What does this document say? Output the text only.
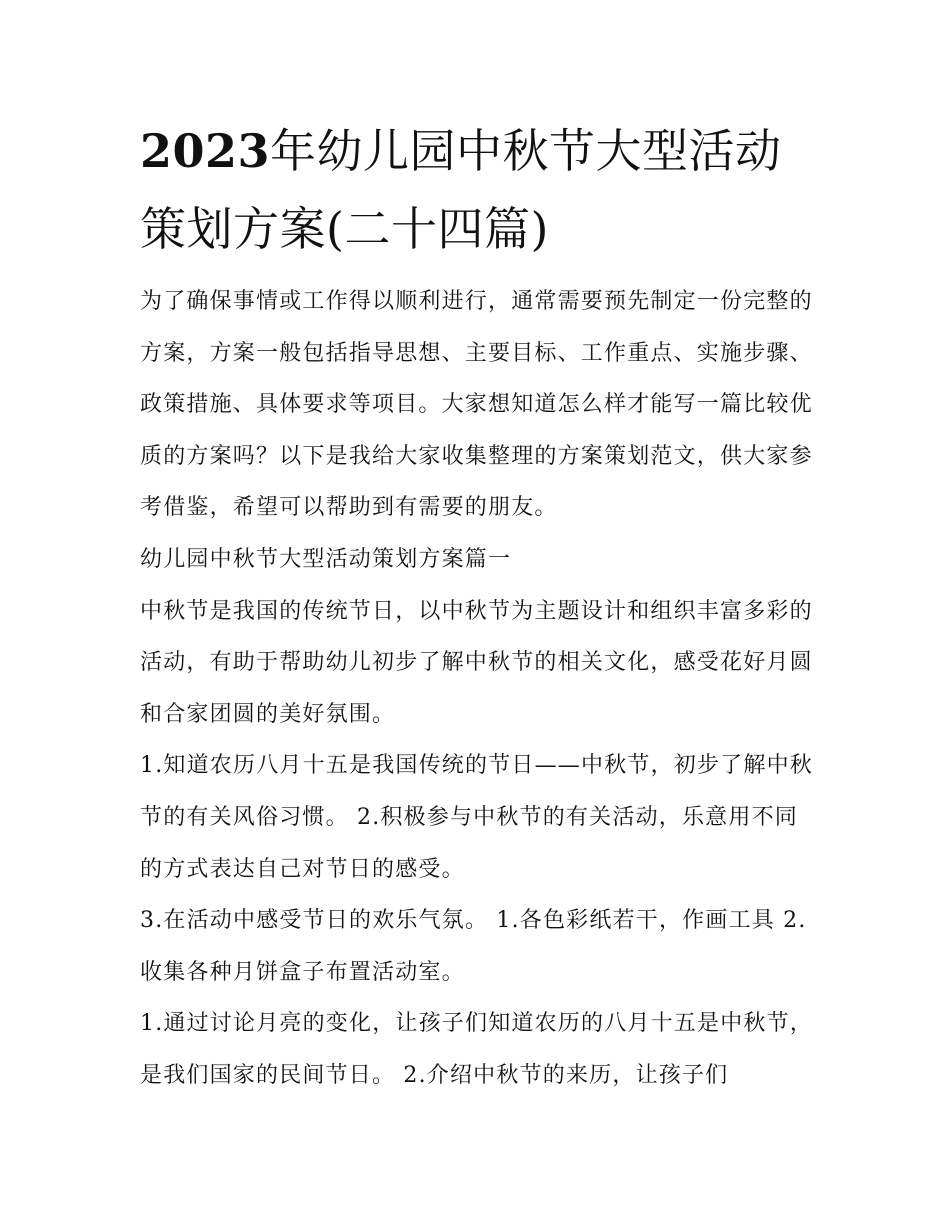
2023年幼儿园中秋节大型活动策划方案(二十四篇)

为了确保事情或工作得以顺利进行，通常需要预先制定一份完整的方案，方案一般包括指导思想、主要目标、工作重点、实施步骤、政策措施、具体要求等项目。大家想知道怎么样才能写一篇比较优质的方案吗？以下是我给大家收集整理的方案策划范文，供大家参考借鉴，希望可以帮助到有需要的朋友。

幼儿园中秋节大型活动策划方案篇一

中秋节是我国的传统节日，以中秋节为主题设计和组织丰富多彩的活动，有助于帮助幼儿初步了解中秋节的相关文化，感受花好月圆和合家团圆的美好氛围。

1.知道农历八月十五是我国传统的节日——中秋节，初步了解中秋节的有关风俗习惯。 2.积极参与中秋节的有关活动，乐意用不同的方式表达自己对节日的感受。

3.在活动中感受节日的欢乐气氛。 1.各色彩纸若干，作画工具 2.收集各种月饼盒子布置活动室。

1.通过讨论月亮的变化，让孩子们知道农历的八月十五是中秋节，是我们国家的民间节日。 2.介绍中秋节的来历，让孩子们
